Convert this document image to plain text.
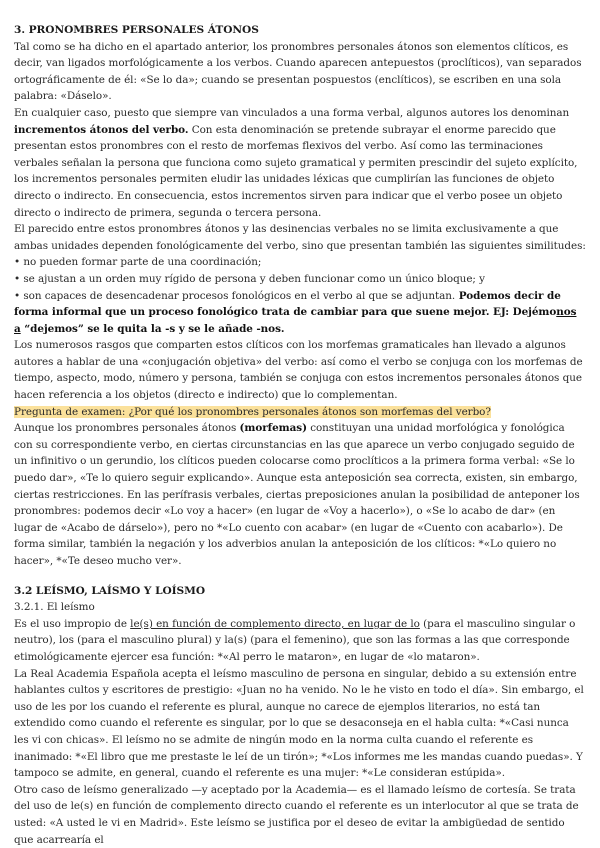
3. PRONOMBRES PERSONALES ÁTONOS

Tal como se ha dicho en el apartado anterior, los pronombres personales átonos son elementos clíticos, es decir, van ligados morfológicamente a los verbos. Cuando aparecen antepuestos (proclíticos), van separados ortográficamente de él: «Se lo da»; cuando se presentan pospuestos (enclíticos), se escriben en una sola palabra: «Dáselo».

En cualquier caso, puesto que siempre van vinculados a una forma verbal, algunos autores los denominan incrementos átonos del verbo. Con esta denominación se pretende subrayar el enorme parecido que presentan estos pronombres con el resto de morfemas flexivos del verbo. Así como las terminaciones verbales señalan la persona que funciona como sujeto gramatical y permiten prescindir del sujeto explícito, los incrementos personales permiten eludir las unidades léxicas que cumplirían las funciones de objeto directo o indirecto. En consecuencia, estos incrementos sirven para indicar que el verbo posee un objeto directo o indirecto de primera, segunda o tercera persona.

El parecido entre estos pronombres átonos y las desinencias verbales no se limita exclusivamente a que ambas unidades dependen fonológicamente del verbo, sino que presentan también las siguientes similitudes:

• no pueden formar parte de una coordinación;
• se ajustan a un orden muy rígido de persona y deben funcionar como un único bloque; y
• son capaces de desencadenar procesos fonológicos en el verbo al que se adjuntan. Podemos decir de forma informal que un proceso fonológico trata de cambiar para que suene mejor. EJ: Dejémonos a “dejemos” se le quita la -s y se le añade -nos.

Los numerosos rasgos que comparten estos clíticos con los morfemas gramaticales han llevado a algunos autores a hablar de una «conjugación objetiva» del verbo: así como el verbo se conjuga con los morfemas de tiempo, aspecto, modo, número y persona, también se conjuga con estos incrementos personales átonos que hacen referencia a los objetos (directo e indirecto) que lo complementan.

Pregunta de examen: ¿Por qué los pronombres personales átonos son morfemas del verbo?

Aunque los pronombres personales átonos (morfemas) constituyan una unidad morfológica y fonológica con su correspondiente verbo, en ciertas circunstancias en las que aparece un verbo conjugado seguido de un infinitivo o un gerundio, los clíticos pueden colocarse como proclíticos a la primera forma verbal: «Se lo puedo dar», «Te lo quiero seguir explicando». Aunque esta anteposición sea correcta, existen, sin embargo, ciertas restricciones. En las perífrasis verbales, ciertas preposiciones anulan la posibilidad de anteponer los pronombres: podemos decir «Lo voy a hacer» (en lugar de «Voy a hacerlo»), o «Se lo acabo de dar» (en lugar de «Acabo de dárselo»), pero no *«Lo cuento con acabar» (en lugar de «Cuento con acabarlo»). De forma similar, también la negación y los adverbios anulan la anteposición de los clíticos: *«Lo quiero no hacer», *«Te deseo mucho ver».

3.2 LEÍSMO, LAÍSMO Y LOÍSMO

3.2.1. El leísmo

Es el uso impropio de le(s) en función de complemento directo, en lugar de lo (para el masculino singular o neutro), los (para el masculino plural) y la(s) (para el femenino), que son las formas a las que corresponde etimológicamente ejercer esa función: *«Al perro le mataron», en lugar de «lo mataron».

La Real Academia Española acepta el leísmo masculino de persona en singular, debido a su extensión entre hablantes cultos y escritores de prestigio: «Juan no ha venido. No le he visto en todo el día». Sin embargo, el uso de les por los cuando el referente es plural, aunque no carece de ejemplos literarios, no está tan extendido como cuando el referente es singular, por lo que se desaconseja en el habla culta: *«Casi nunca les vi con chicas». El leísmo no se admite de ningún modo en la norma culta cuando el referente es inanimado: *«El libro que me prestaste le leí de un tirón»; *«Los informes me les mandas cuando puedas». Y tampoco se admite, en general, cuando el referente es una mujer: *«Le consideran estúpida».

Otro caso de leísmo generalizado —y aceptado por la Academia— es el llamado leísmo de cortesía. Se trata del uso de le(s) en función de complemento directo cuando el referente es un interlocutor al que se trata de usted: «A usted le vi en Madrid». Este leísmo se justifica por el deseo de evitar la ambigüedad de sentido que acarrearía el
